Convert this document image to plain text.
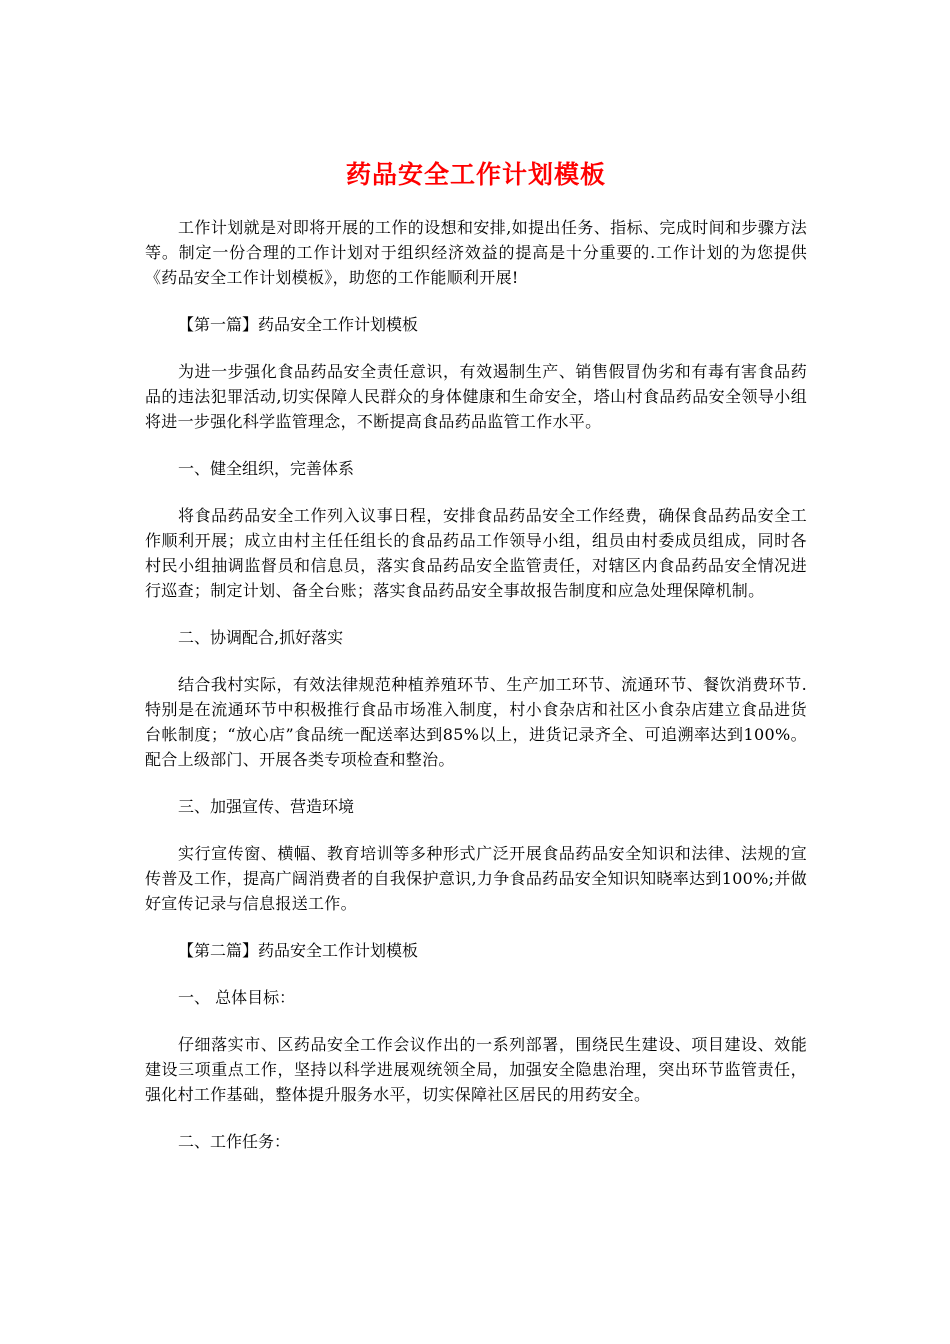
药品安全工作计划模板

工作计划就是对即将开展的工作的设想和安排,如提出任务、指标、完成时间和步骤方法等。制定一份合理的工作计划对于组织经济效益的提高是十分重要的.工作计划的为您提供《药品安全工作计划模板》，助您的工作能顺利开展!

【第一篇】药品安全工作计划模板

为进一步强化食品药品安全责任意识，有效遏制生产、销售假冒伪劣和有毒有害食品药品的违法犯罪活动,切实保障人民群众的身体健康和生命安全，塔山村食品药品安全领导小组将进一步强化科学监管理念，不断提高食品药品监管工作水平。

一、健全组织，完善体系

将食品药品安全工作列入议事日程，安排食品药品安全工作经费，确保食品药品安全工作顺利开展；成立由村主任任组长的食品药品工作领导小组，组员由村委成员组成，同时各村民小组抽调监督员和信息员，落实食品药品安全监管责任，对辖区内食品药品安全情况进行巡查；制定计划、备全台账；落实食品药品安全事故报告制度和应急处理保障机制。

二、协调配合,抓好落实

结合我村实际，有效法律规范种植养殖环节、生产加工环节、流通环节、餐饮消费环节.特别是在流通环节中积极推行食品市场准入制度，村小食杂店和社区小食杂店建立食品进货台帐制度；“放心店”食品统一配送率达到85%以上，进货记录齐全、可追溯率达到100%。配合上级部门、开展各类专项检查和整治。

三、加强宣传、营造环境

实行宣传窗、横幅、教育培训等多种形式广泛开展食品药品安全知识和法律、法规的宣传普及工作，提高广阔消费者的自我保护意识,力争食品药品安全知识知晓率达到100%;并做好宣传记录与信息报送工作。

【第二篇】药品安全工作计划模板

一、 总体目标：

仔细落实市、区药品安全工作会议作出的一系列部署，围绕民生建设、项目建设、效能建设三项重点工作，坚持以科学进展观统领全局，加强安全隐患治理，突出环节监管责任，强化村工作基础，整体提升服务水平，切实保障社区居民的用药安全。

二、工作任务：
